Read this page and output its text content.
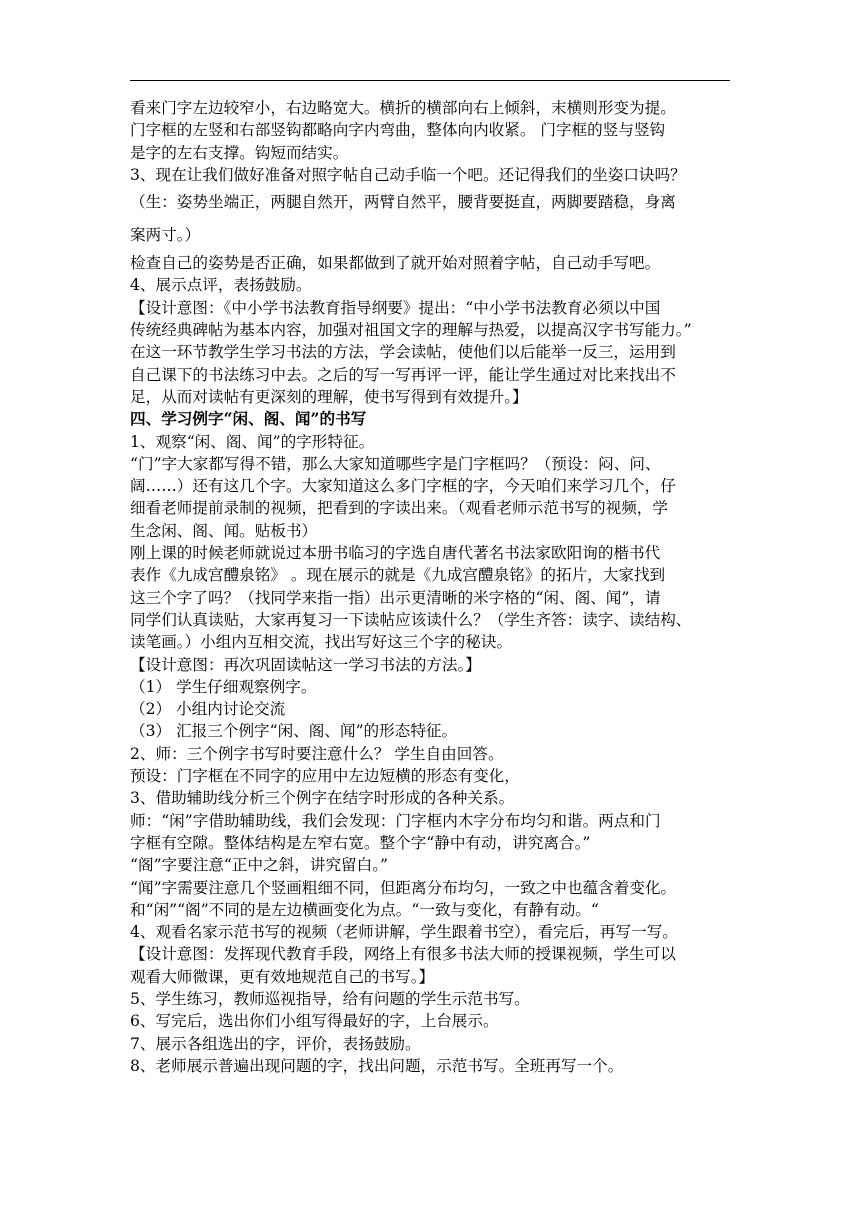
看来门字左边较窄小，右边略宽大。横折的横部向右上倾斜，末横则形变为提。

门字框的左竖和右部竖钩都略向字内弯曲，整体向内收紧。 门字框的竖与竖钩

是字的左右支撑。钩短而结实。

3、现在让我们做好准备对照字帖自己动手临一个吧。还记得我们的坐姿口诀吗？

（生：姿势坐端正，两腿自然开，两臂自然平，腰背要挺直，两脚要踏稳，身离

案两寸。）

检查自己的姿势是否正确，如果都做到了就开始对照着字帖，自己动手写吧。

4、展示点评，表扬鼓励。

【设计意图：《中小学书法教育指导纲要》提出：“中小学书法教育必须以中国

传统经典碑帖为基本内容，加强对祖国文字的理解与热爱，以提高汉字书写能力。”

在这一环节教学生学习书法的方法，学会读帖，使他们以后能举一反三，运用到

自己课下的书法练习中去。之后的写一写再评一评，能让学生通过对比来找出不

足，从而对读帖有更深刻的理解，使书写得到有效提升。】

四、学习例字“闲、阁、闻”的书写

1、观察“闲、阁、闻”的字形特征。

“门”字大家都写得不错，那么大家知道哪些字是门字框吗？（预设：闷、问、

阔……）还有这几个字。大家知道这么多门字框的字，今天咱们来学习几个，仔

细看老师提前录制的视频，把看到的字读出来。（观看老师示范书写的视频，学

生念闲、阁、闻。贴板书）

刚上课的时候老师就说过本册书临习的字选自唐代著名书法家欧阳询的楷书代

表作《九成宫醴泉铭》 。现在展示的就是《九成宫醴泉铭》的拓片，大家找到

这三个字了吗？（找同学来指一指）出示更清晰的米字格的“闲、阁、闻”，请

同学们认真读贴，大家再复习一下读帖应该读什么？（学生齐答：读字、读结构、

读笔画。）小组内互相交流，找出写好这三个字的秘诀。

【设计意图：再次巩固读帖这一学习书法的方法。】

（1） 学生仔细观察例字。

（2） 小组内讨论交流

（3） 汇报三个例字“闲、阁、闻”的形态特征。

2、师：三个例字书写时要注意什么？ 学生自由回答。

预设：门字框在不同字的应用中左边短横的形态有变化，

3、借助辅助线分析三个例字在结字时形成的各种关系。

师：“闲”字借助辅助线，我们会发现：门字框内木字分布均匀和谐。两点和门

字框有空隙。整体结构是左窄右宽。整个字“静中有动，讲究离合。”

“阁”字要注意“正中之斜，讲究留白。”

“闻”字需要注意几个竖画粗细不同，但距离分布均匀，一致之中也蕴含着变化。

和“闲”“阁”不同的是左边横画变化为点。“一致与变化，有静有动。“

4、观看名家示范书写的视频（老师讲解，学生跟着书空），看完后，再写一写。

【设计意图：发挥现代教育手段，网络上有很多书法大师的授课视频，学生可以

观看大师微课，更有效地规范自己的书写。】

5、学生练习，教师巡视指导，给有问题的学生示范书写。

6、写完后，选出你们小组写得最好的字，上台展示。

7、展示各组选出的字，评价，表扬鼓励。

8、老师展示普遍出现问题的字，找出问题，示范书写。全班再写一个。
